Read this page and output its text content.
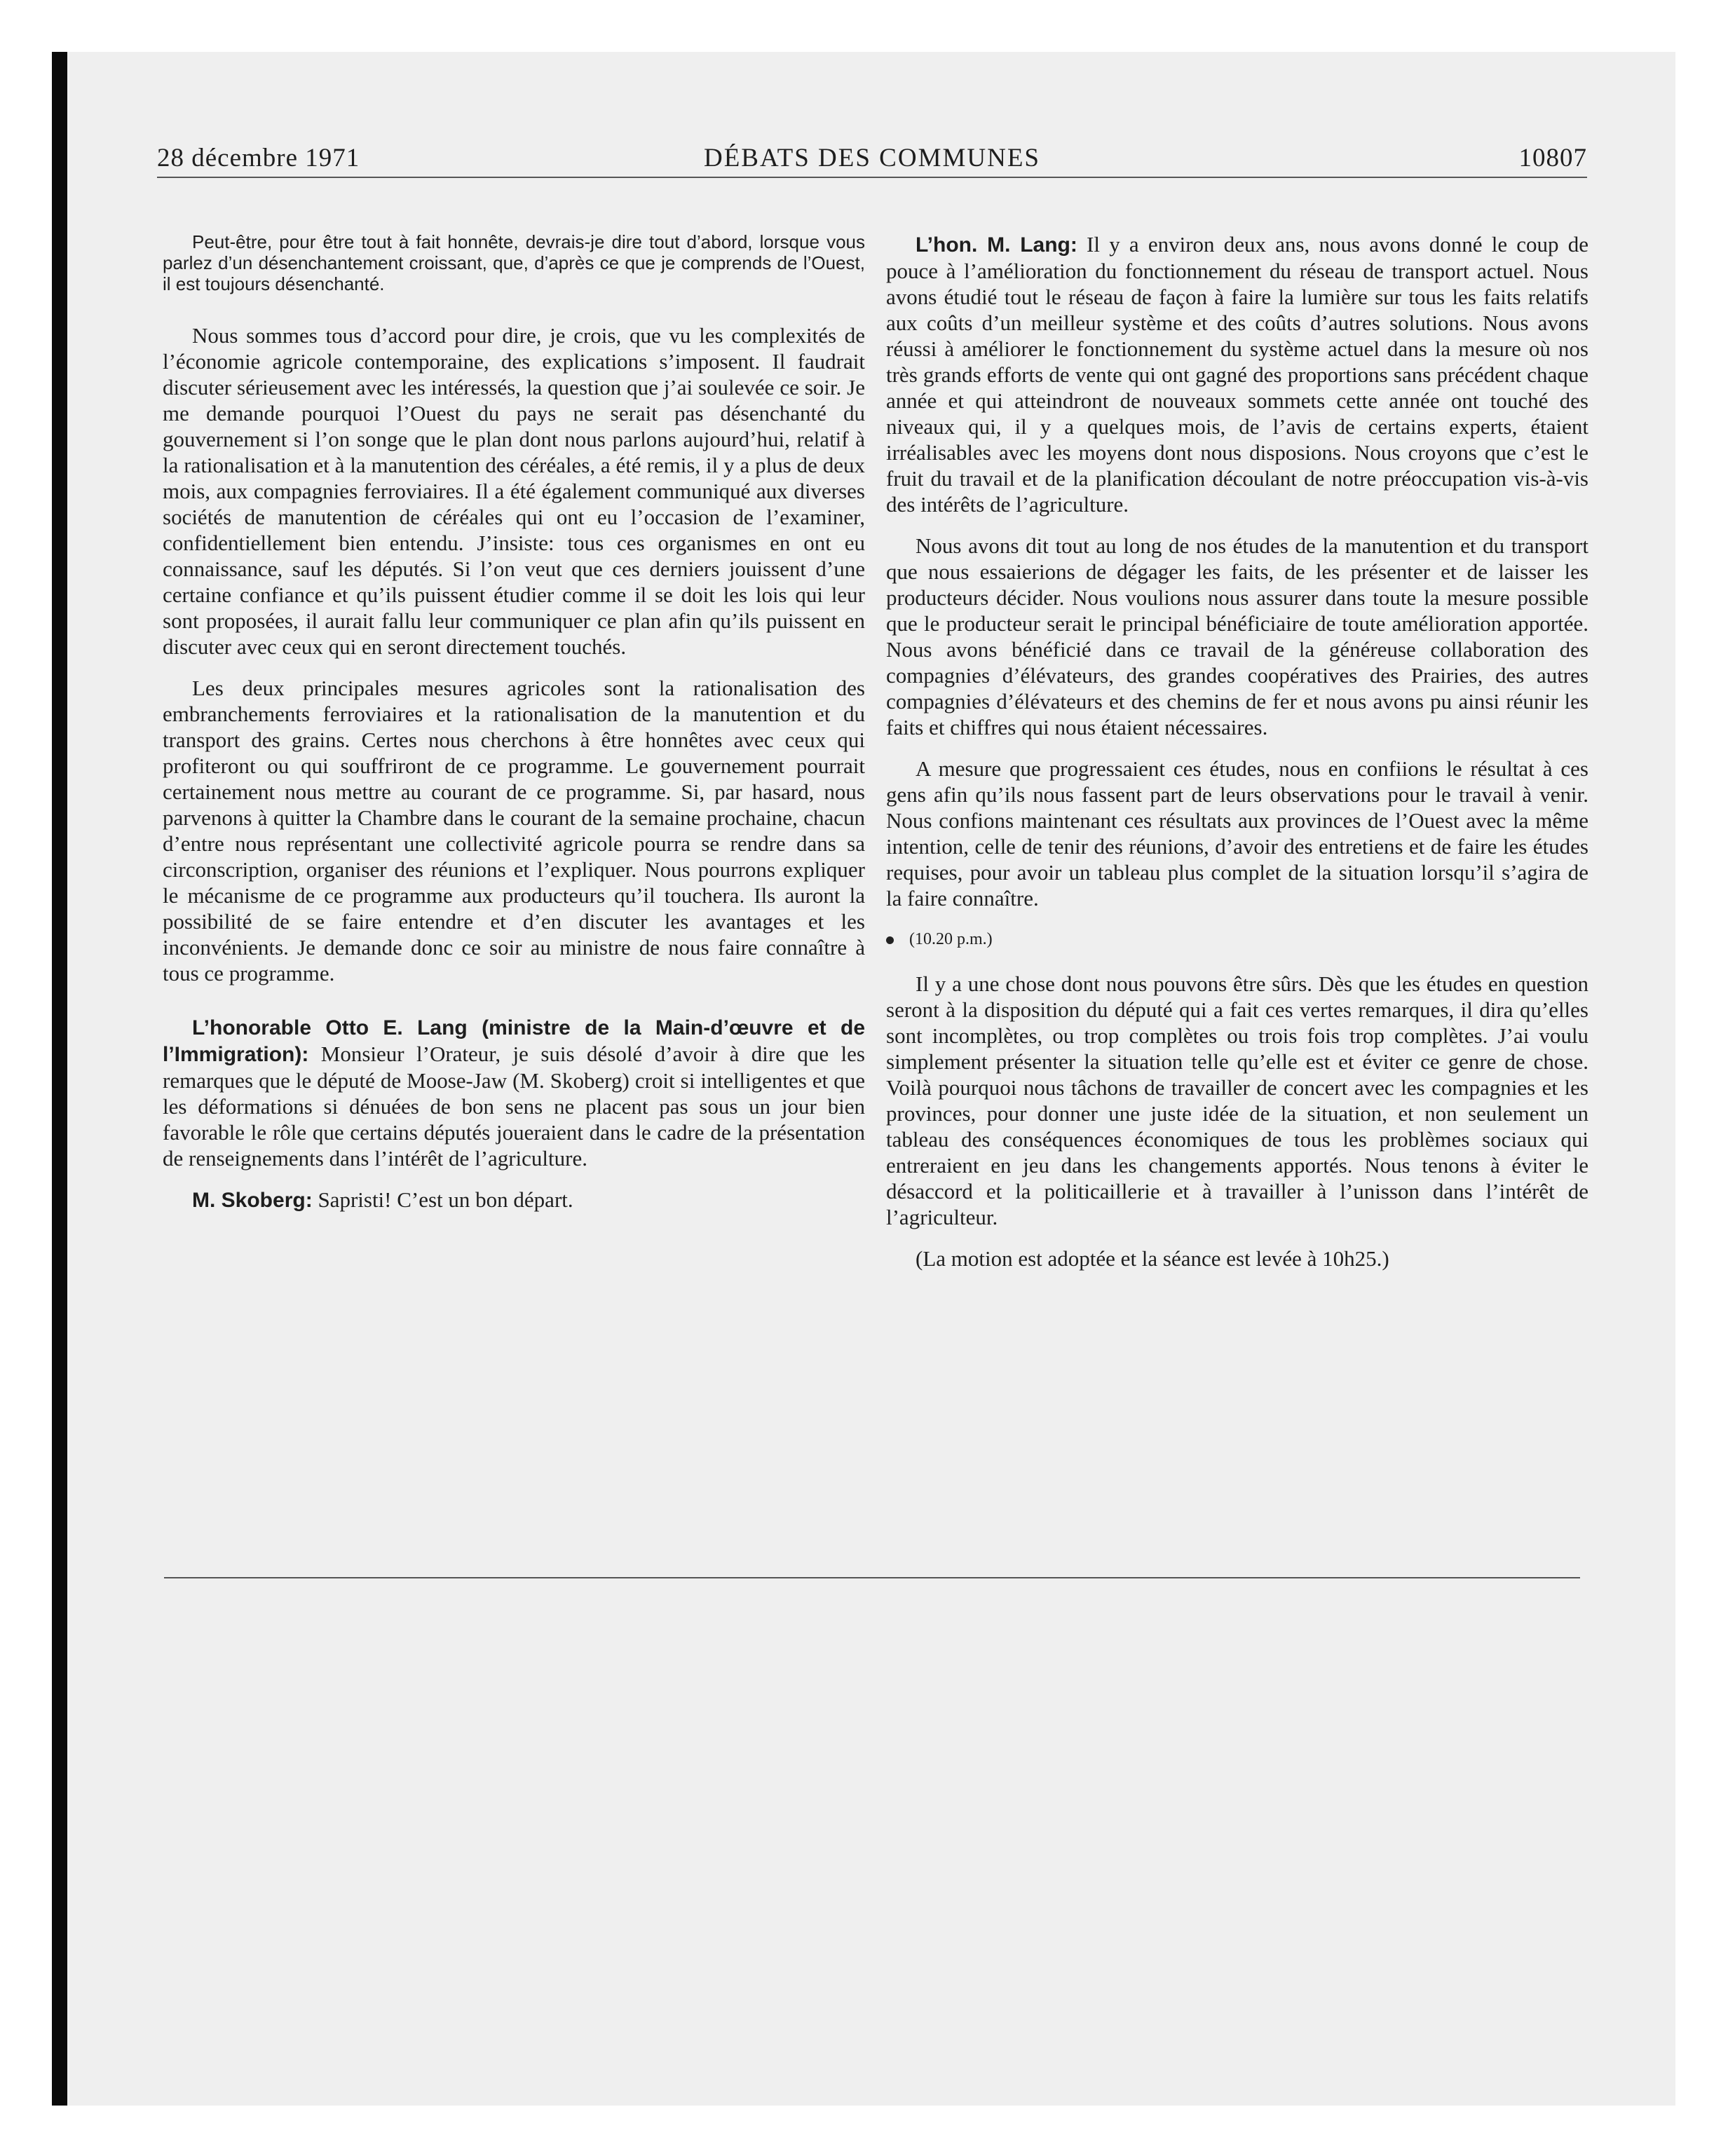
28 décembre 1971	DÉBATS DES COMMUNES	10807

Peut-être, pour être tout à fait honnête, devrais-je dire tout d’abord, lorsque vous parlez d’un désenchantement croissant, que, d’après ce que je comprends de l’Ouest, il est toujours désenchanté.

Nous sommes tous d’accord pour dire, je crois, que vu les complexités de l’économie agricole contemporaine, des explications s’imposent. Il faudrait discuter sérieusement avec les intéressés, la question que j’ai soulevée ce soir. Je me demande pourquoi l’Ouest du pays ne serait pas désenchanté du gouvernement si l’on songe que le plan dont nous parlons aujourd’hui, relatif à la rationalisation et à la manutention des céréales, a été remis, il y a plus de deux mois, aux compagnies ferroviaires. Il a été également communiqué aux diverses sociétés de manutention de céréales qui ont eu l’occasion de l’examiner, confidentiellement bien entendu. J’insiste: tous ces organismes en ont eu connaissance, sauf les députés. Si l’on veut que ces derniers jouissent d’une certaine confiance et qu’ils puissent étudier comme il se doit les lois qui leur sont proposées, il aurait fallu leur communiquer ce plan afin qu’ils puissent en discuter avec ceux qui en seront directement touchés.

Les deux principales mesures agricoles sont la rationalisation des embranchements ferroviaires et la rationalisation de la manutention et du transport des grains. Certes nous cherchons à être honnêtes avec ceux qui profiteront ou qui souffriront de ce programme. Le gouvernement pourrait certainement nous mettre au courant de ce programme. Si, par hasard, nous parvenons à quitter la Chambre dans le courant de la semaine prochaine, chacun d’entre nous représentant une collectivité agricole pourra se rendre dans sa circonscription, organiser des réunions et l’expliquer. Nous pourrons expliquer le mécanisme de ce programme aux producteurs qu’il touchera. Ils auront la possibilité de se faire entendre et d’en discuter les avantages et les inconvénients. Je demande donc ce soir au ministre de nous faire connaître à tous ce programme.

L’honorable Otto E. Lang (ministre de la Main-d’œuvre et de l’Immigration): Monsieur l’Orateur, je suis désolé d’avoir à dire que les remarques que le député de Moose-Jaw (M. Skoberg) croit si intelligentes et que les déformations si dénuées de bon sens ne placent pas sous un jour bien favorable le rôle que certains députés joueraient dans le cadre de la présentation de renseignements dans l’intérêt de l’agriculture.

M. Skoberg: Sapristi! C’est un bon départ.

L’hon. M. Lang: Il y a environ deux ans, nous avons donné le coup de pouce à l’amélioration du fonctionnement du réseau de transport actuel. Nous avons étudié tout le réseau de façon à faire la lumière sur tous les faits relatifs aux coûts d’un meilleur système et des coûts d’autres solutions. Nous avons réussi à améliorer le fonctionnement du système actuel dans la mesure où nos très grands efforts de vente qui ont gagné des proportions sans précédent chaque année et qui atteindront de nouveaux sommets cette année ont touché des niveaux qui, il y a quelques mois, de l’avis de certains experts, étaient irréalisables avec les moyens dont nous disposions. Nous croyons que c’est le fruit du travail et de la planification découlant de notre préoccupation vis-à-vis des intérêts de l’agriculture.

Nous avons dit tout au long de nos études de la manutention et du transport que nous essaierions de dégager les faits, de les présenter et de laisser les producteurs décider. Nous voulions nous assurer dans toute la mesure possible que le producteur serait le principal bénéficiaire de toute amélioration apportée. Nous avons bénéficié dans ce travail de la généreuse collaboration des compagnies d’élévateurs, des grandes coopératives des Prairies, des autres compagnies d’élévateurs et des chemins de fer et nous avons pu ainsi réunir les faits et chiffres qui nous étaient nécessaires.

A mesure que progressaient ces études, nous en confiions le résultat à ces gens afin qu’ils nous fassent part de leurs observations pour le travail à venir. Nous confions maintenant ces résultats aux provinces de l’Ouest avec la même intention, celle de tenir des réunions, d’avoir des entretiens et de faire les études requises, pour avoir un tableau plus complet de la situation lorsqu’il s’agira de la faire connaître.

(10.20 p.m.)

Il y a une chose dont nous pouvons être sûrs. Dès que les études en question seront à la disposition du député qui a fait ces vertes remarques, il dira qu’elles sont incomplètes, ou trop complètes ou trois fois trop complètes. J’ai voulu simplement présenter la situation telle qu’elle est et éviter ce genre de chose. Voilà pourquoi nous tâchons de travailler de concert avec les compagnies et les provinces, pour donner une juste idée de la situation, et non seulement un tableau des conséquences économiques de tous les problèmes sociaux qui entreraient en jeu dans les changements apportés. Nous tenons à éviter le désaccord et la politicaillerie et à travailler à l’unisson dans l’intérêt de l’agriculteur.

(La motion est adoptée et la séance est levée à 10h25.)
